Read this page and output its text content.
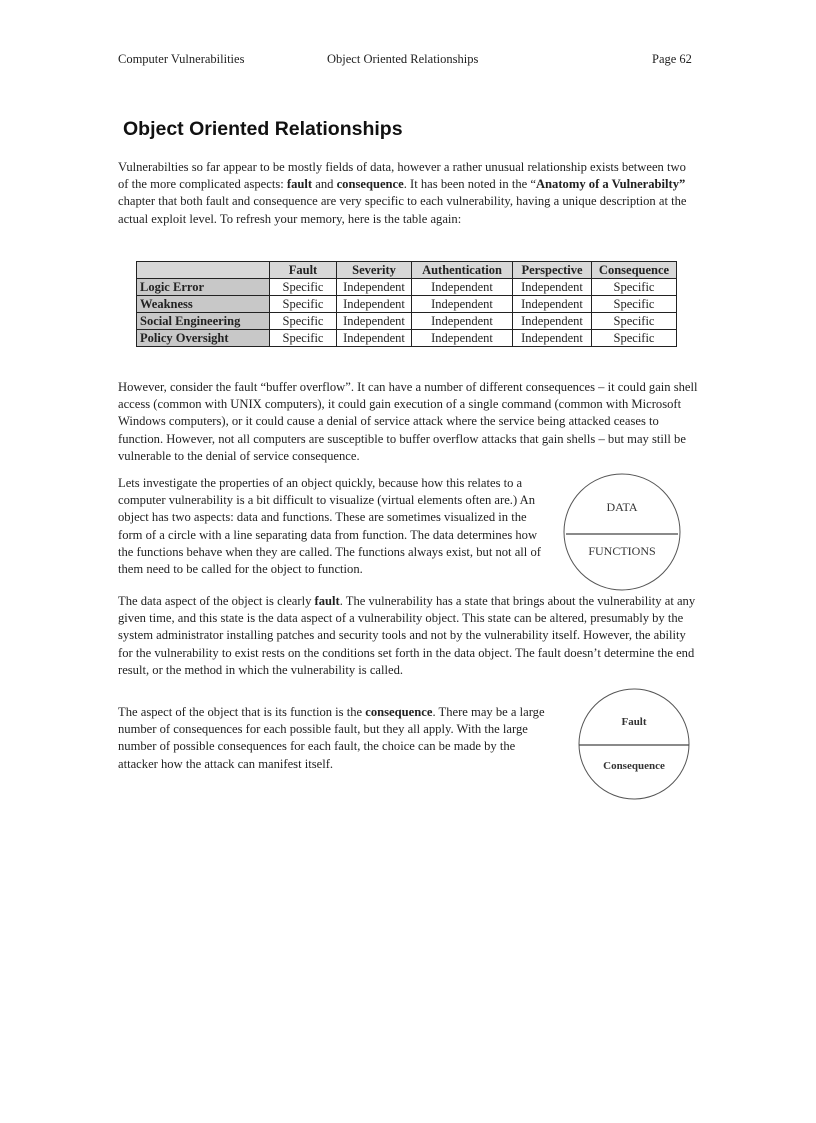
Computer Vulnerabilities	Object Oriented Relationships	Page 62
Object Oriented Relationships

Vulnerabilties so far appear to be mostly fields of data, however a rather unusual relationship exists between two of the more complicated aspects: fault and consequence. It has been noted in the “Anatomy of a Vulnerabilty” chapter that both fault and consequence are very specific to each vulnerability, having a unique description at the actual exploit level. To refresh your memory, here is the table again:

	Fault	Severity	Authentication	Perspective	Consequence
Logic Error	Specific	Independent	Independent	Independent	Specific
Weakness	Specific	Independent	Independent	Independent	Specific
Social Engineering	Specific	Independent	Independent	Independent	Specific
Policy Oversight	Specific	Independent	Independent	Independent	Specific

However, consider the fault “buffer overflow”. It can have a number of different consequences – it could gain shell access (common with UNIX computers), it could gain execution of a single command (common with Microsoft Windows computers), or it could cause a denial of service attack where the service being attacked ceases to function. However, not all computers are susceptible to buffer overflow attacks that gain shells – but may still be vulnerable to the denial of service consequence.

Lets investigate the properties of an object quickly, because how this relates to a computer vulnerability is a bit difficult to visualize (virtual elements often are.) An object has two aspects: data and functions. These are sometimes visualized in the form of a circle with a line separating data from function. The data determines how the functions behave when they are called. The functions always exist, but not all of them need to be called for the object to function.

DATA
FUNCTIONS

The data aspect of the object is clearly fault. The vulnerability has a state that brings about the vulnerability at any given time, and this state is the data aspect of a vulnerability object. This state can be altered, presumably by the system administrator installing patches and security tools and not by the vulnerability itself. However, the ability for the vulnerability to exist rests on the conditions set forth in the data object. The fault doesn’t determine the end result, or the method in which the vulnerability is called.

The aspect of the object that is its function is the consequence. There may be a large number of consequences for each possible fault, but they all apply. With the large number of possible consequences for each fault, the choice can be made by the attacker how the attack can manifest itself.

Fault
Consequence
